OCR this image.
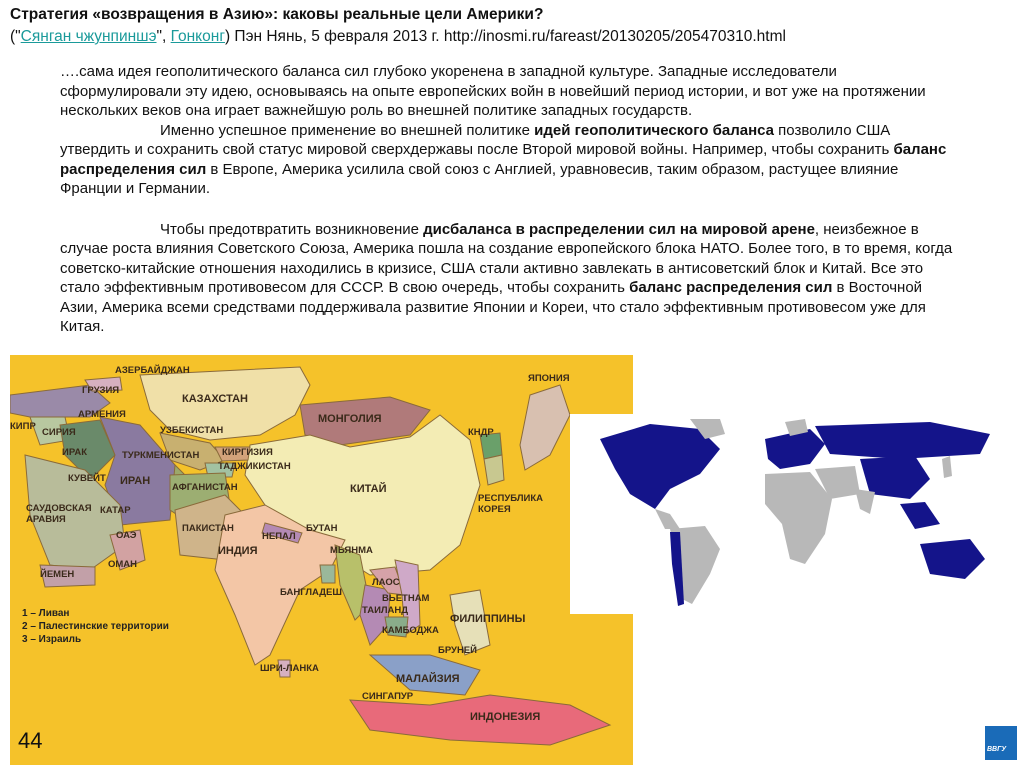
Стратегия «возвращения в Азию»: каковы реальные цели Америки?
("Сянган чжунпиншэ", Гонконг) Пэн Нянь, 5 февраля 2013 г. http://inosmi.ru/fareast/20130205/205470310.html

….сама идея геополитического баланса сил глубоко укоренена в западной культуре. Западные исследователи сформулировали эту идею, основываясь на опыте европейских войн в новейший период истории, и вот уже на протяжении нескольких веков она играет важнейшую роль во внешней политике западных государств.

Именно успешное применение во внешней политике идей геополитического баланса позволило США утвердить и сохранить свой статус мировой сверхдержавы после Второй мировой войны. Например, чтобы сохранить баланс распределения сил в Европе, Америка усилила свой союз с Англией, уравновесив, таким образом, растущее влияние Франции и Германии.

Чтобы предотвратить возникновение дисбаланса в распределении сил на мировой арене, неизбежное в случае роста влияния Советского Союза, Америка пошла на создание европейского блока НАТО. Более того, в то время, когда советско-китайские отношения находились в кризисе, США стали активно завлекать в антисоветский блок и Китай. Все это стало эффективным противовесом для СССР. В свою очередь, чтобы сохранить баланс распределения сил в Восточной Азии, Америка всеми средствами поддерживала развитие Японии и Кореи, что стало эффективным противовесом уже для Китая.

АЗЕРБАЙДЖАН
КАЗАХСТАН
ГРУЗИЯ
АРМЕНИЯ	МОНГОЛИЯ
ЯПОНИЯ
КНДР
КИПР
СИРИЯ	УЗБЕКИСТАН
ТУРКМЕНИСТАН КИРГИЗИЯ
ТАДЖИКИСТАН
ИРАК
ИРАН
АФГАНИСТАН
КУВЕЙТ
КИТАЙ
ПАКИСТАН
НЕПАЛ
БУТАН
РЕСПУБЛИКА КОРЕЯ
САУДОВСКАЯ АРАВИЯ
КАТАР
ОАЭ
ОМАН
ЙЕМЕН
ИНДИЯ	МЬЯНМА
ЛАОС
ВЬЕТНАМ
БАНГЛАДЕШ
ТАИЛАНД
КАМБОДЖА
ФИЛИППИНЫ
ШРИ-ЛАНКА
БРУНЕЙ
МАЛАЙЗИЯ
СИНГАПУР
ИНДОНЕЗИЯ
1 – Ливан
2 – Палестинские территории
3 – Израиль
44	ВВГУ
